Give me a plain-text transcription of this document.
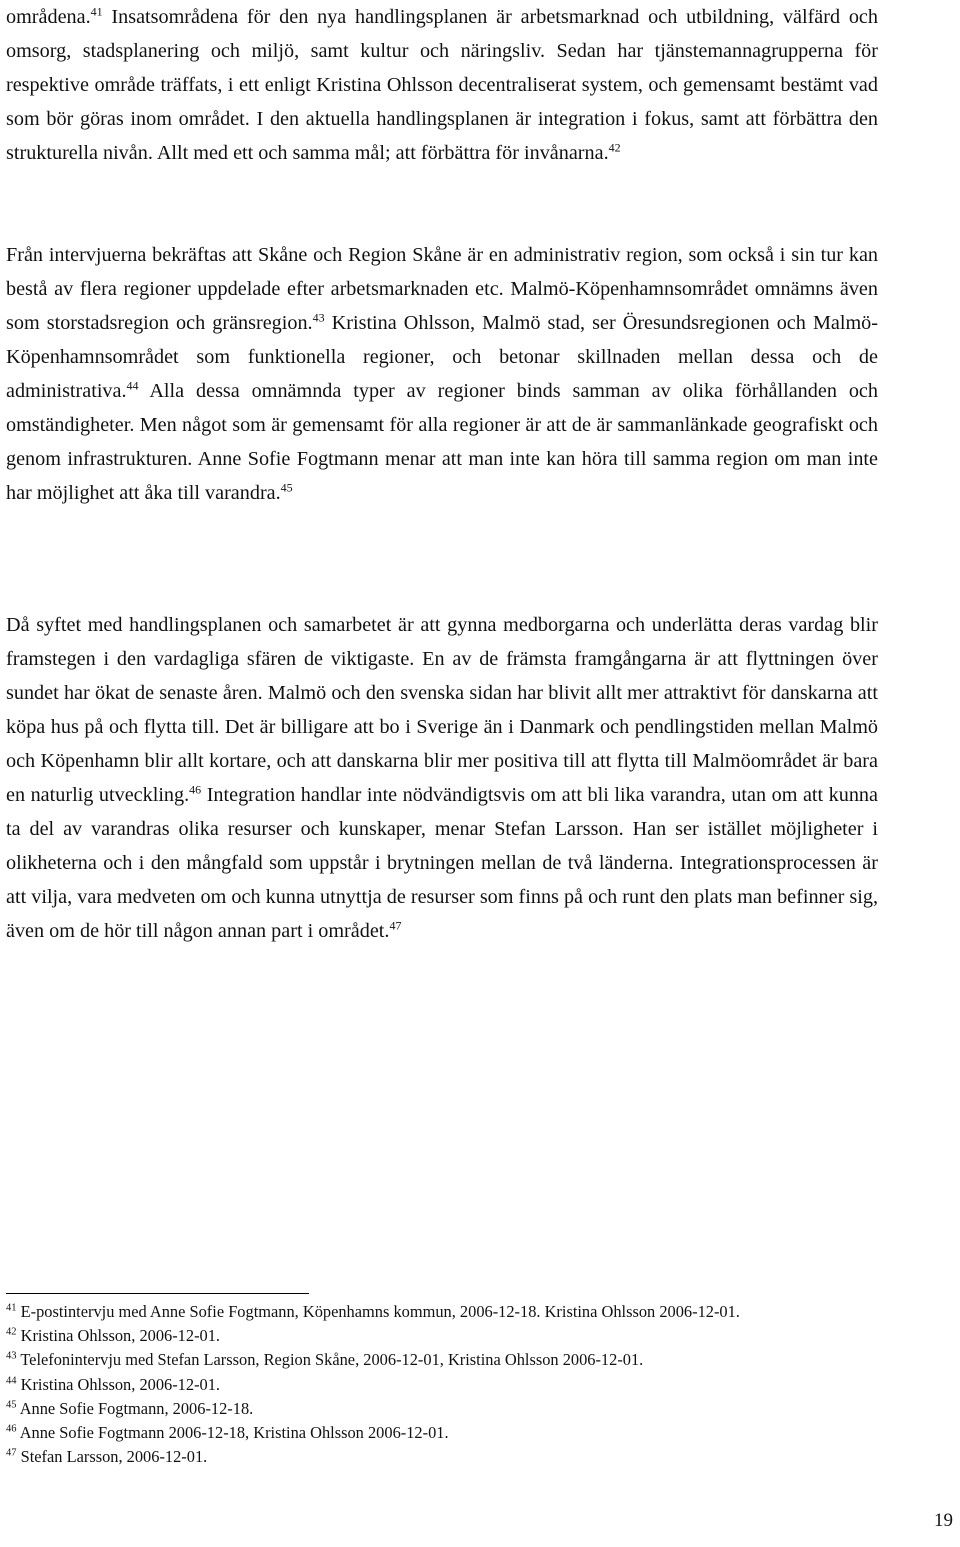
områdena.$^{41}$ Insatsområdena för den nya handlingsplanen är arbetsmarknad och utbildning, välfärd och omsorg, stadsplanering och miljö, samt kultur och näringsliv. Sedan har tjänstemannagrupperna för respektive område träffats, i ett enligt Kristina Ohlsson decentraliserat system, och gemensamt bestämt vad som bör göras inom området. I den aktuella handlingsplanen är integration i fokus, samt att förbättra den strukturella nivån. Allt med ett och samma mål; att förbättra för invånarna.$^{42}$

Från intervjuerna bekräftas att Skåne och Region Skåne är en administrativ region, som också i sin tur kan bestå av flera regioner uppdelade efter arbetsmarknaden etc. Malmö-Köpenhamnsområdet omnämns även som storstadsregion och gränsregion.$^{43}$ Kristina Ohlsson, Malmö stad, ser Öresundsregionen och Malmö-Köpenhamnsområdet som funktionella regioner, och betonar skillnaden mellan dessa och de administrativa.$^{44}$ Alla dessa omnämnda typer av regioner binds samman av olika förhållanden och omständigheter. Men något som är gemensamt för alla regioner är att de är sammanlänkade geografiskt och genom infrastrukturen. Anne Sofie Fogtmann menar att man inte kan höra till samma region om man inte har möjlighet att åka till varandra.$^{45}$

Då syftet med handlingsplanen och samarbetet är att gynna medborgarna och underlätta deras vardag blir framstegen i den vardagliga sfären de viktigaste. En av de främsta framgångarna är att flyttningen över sundet har ökat de senaste åren. Malmö och den svenska sidan har blivit allt mer attraktivt för danskarna att köpa hus på och flytta till. Det är billigare att bo i Sverige än i Danmark och pendlingstiden mellan Malmö och Köpenhamn blir allt kortare, och att danskarna blir mer positiva till att flytta till Malmöområdet är bara en naturlig utveckling.$^{46}$ Integration handlar inte nödvändigtsvis om att bli lika varandra, utan om att kunna ta del av varandras olika resurser och kunskaper, menar Stefan Larsson. Han ser istället möjligheter i olikheterna och i den mångfald som uppstår i brytningen mellan de två länderna. Integrationsprocessen är att vilja, vara medveten om och kunna utnyttja de resurser som finns på och runt den plats man befinner sig, även om de hör till någon annan part i området.$^{47}$

$^{41}$ E-postintervju med Anne Sofie Fogtmann, Köpenhamns kommun, 2006-12-18. Kristina Ohlsson 2006-12-01.
$^{42}$ Kristina Ohlsson, 2006-12-01.
$^{43}$ Telefonintervju med Stefan Larsson, Region Skåne, 2006-12-01, Kristina Ohlsson 2006-12-01.
$^{44}$ Kristina Ohlsson, 2006-12-01.
$^{45}$ Anne Sofie Fogtmann, 2006-12-18.
$^{46}$ Anne Sofie Fogtmann 2006-12-18, Kristina Ohlsson 2006-12-01.
$^{47}$ Stefan Larsson, 2006-12-01.
19
